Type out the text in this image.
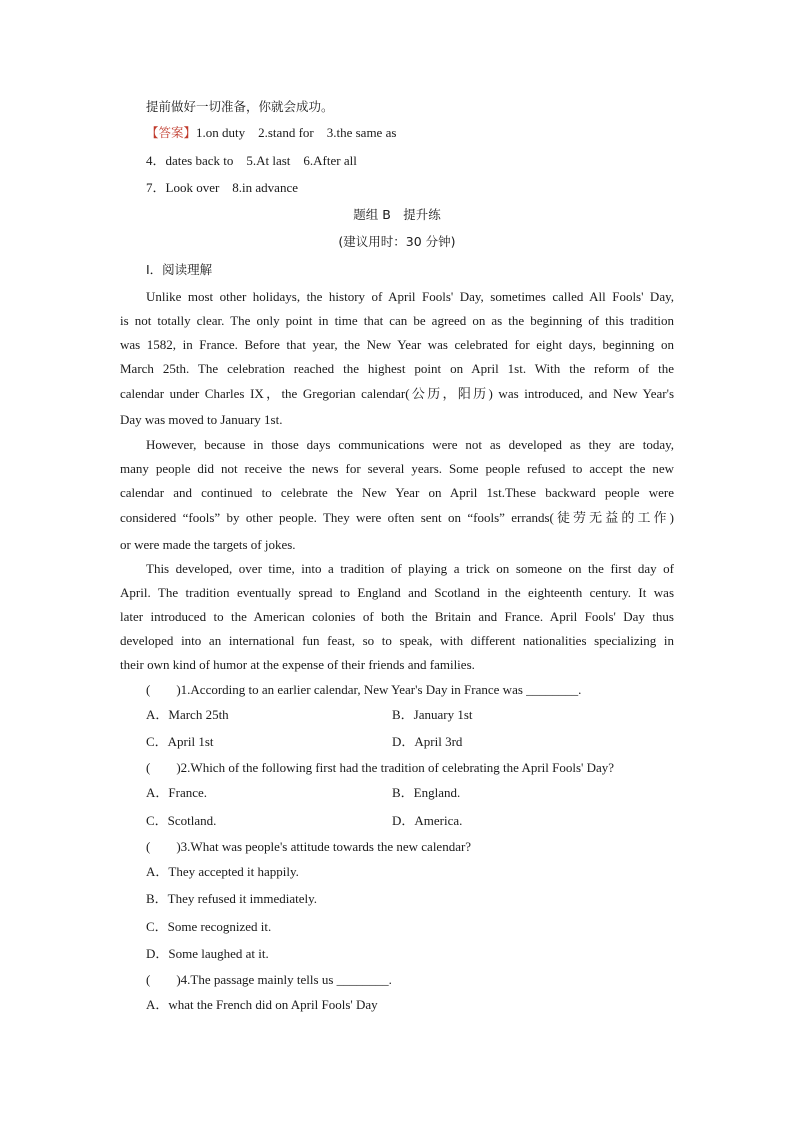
提前做好一切准备，你就会成功。
【答案】1.on duty　2.stand for　3.the same as
4．dates back to　5.At last　6.After all
7．Look over　8.in advance
题组 B　提升练
(建议用时：30 分钟)
Ⅰ．阅读理解
Unlike most other holidays, the history of April Fools' Day, sometimes called All Fools' Day,
is not totally clear. The only point in time that can be agreed on as the beginning of this tradition
was 1582, in France. Before that year, the New Year was celebrated for eight days, beginning on
March 25th. The celebration reached the highest point on April 1st. With the reform of the
calendar under Charles IX，the Gregorian calendar(公历，阳历) was introduced, and New Year's
Day was moved to January 1st.
However, because in those days communications were not as developed as they are today,
many people did not receive the news for several years. Some people refused to accept the new
calendar and continued to celebrate the New Year on April 1st.These backward people were
considered “fools” by other people. They were often sent on “fools” errands(徒劳无益的工作)
or were made the targets of jokes.
This developed, over time, into a tradition of playing a trick on someone on the first day of
April. The tradition eventually spread to England and Scotland in the eighteenth century. It was
later introduced to the American colonies of both the Britain and France. April Fools' Day thus
developed into an international fun feast, so to speak, with different nationalities specializing in
their own kind of humor at the expense of their friends and families.
( )1.According to an earlier calendar, New Year's Day in France was ________.
A．March 25th	B．January 1st
C．April 1st	D．April 3rd
( )2.Which of the following first had the tradition of celebrating the April Fools' Day?
A．France.	B．England.
C．Scotland.	D．America.
( )3.What was people's attitude towards the new calendar?
A．They accepted it happily.
B．They refused it immediately.
C．Some recognized it.
D．Some laughed at it.
( )4.The passage mainly tells us ________.
A．what the French did on April Fools' Day
